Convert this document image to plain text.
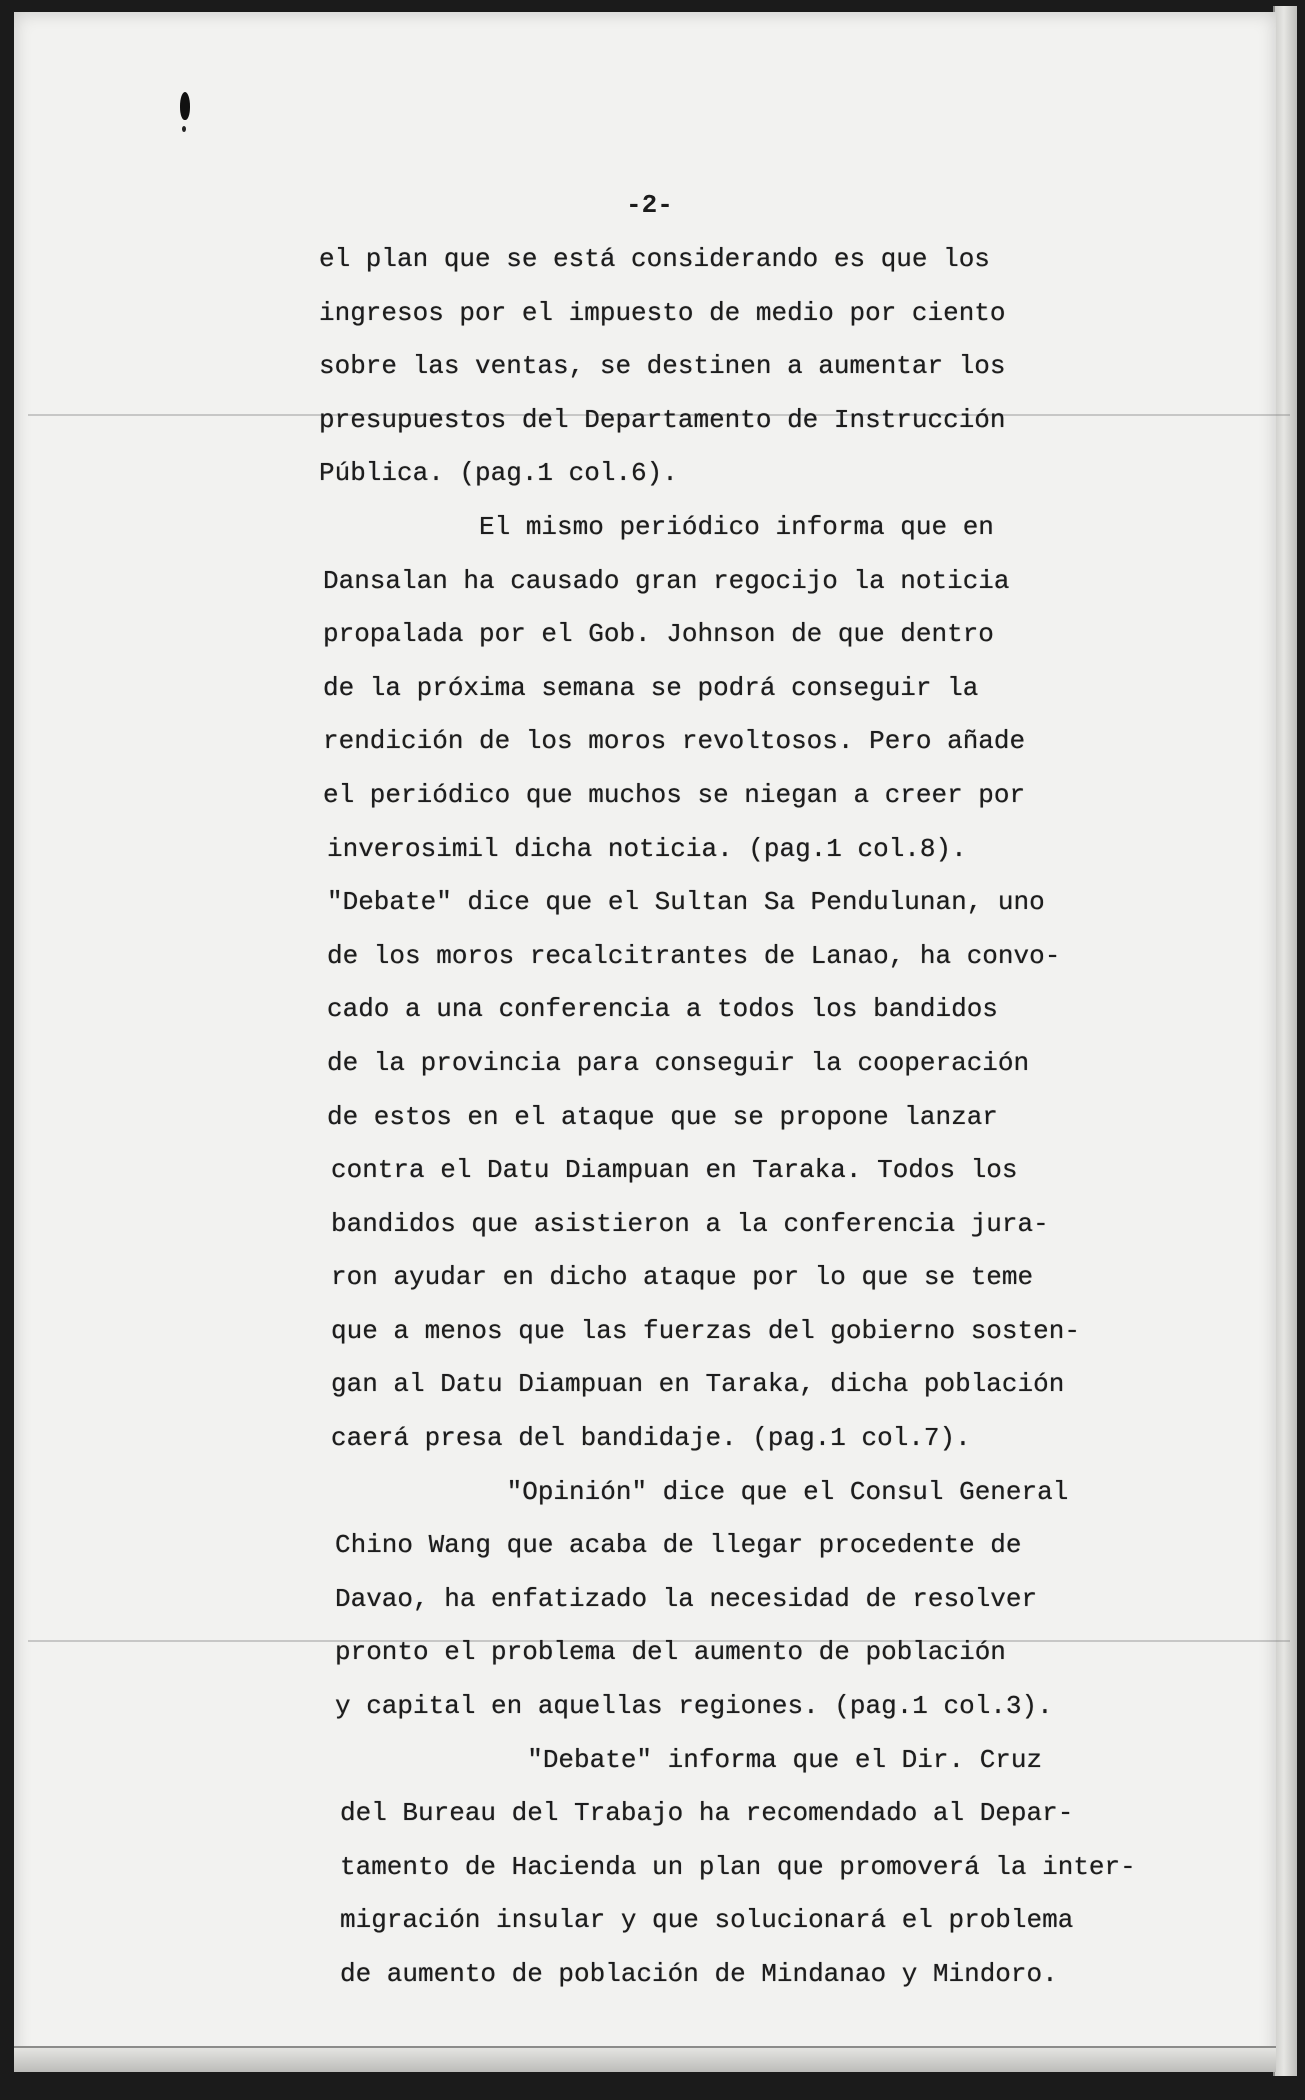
-2-
el plan que se está considerando es que los
ingresos por el impuesto de medio por ciento
sobre las ventas, se destinen a aumentar los
presupuestos del Departamento de Instrucción
Pública. (pag.1 col.6).
El mismo periódico informa que en
Dansalan ha causado gran regocijo la noticia
propalada por el Gob. Johnson de que dentro
de la próxima semana se podrá conseguir la
rendición de los moros revoltosos. Pero añade
el periódico que muchos se niegan a creer por
inverosimil dicha noticia. (pag.1 col.8).
"Debate" dice que el Sultan Sa Pendulunan, uno
de los moros recalcitrantes de Lanao, ha convo-
cado a una conferencia a todos los bandidos
de la provincia para conseguir la cooperación
de estos en el ataque que se propone lanzar
contra el Datu Diampuan en Taraka. Todos los
bandidos que asistieron a la conferencia jura-
ron ayudar en dicho ataque por lo que se teme
que a menos que las fuerzas del gobierno sosten-
gan al Datu Diampuan en Taraka, dicha población
caerá presa del bandidaje. (pag.1 col.7).
"Opinión" dice que el Consul General
Chino Wang que acaba de llegar procedente de
Davao, ha enfatizado la necesidad de resolver
pronto el problema del aumento de población
y capital en aquellas regiones. (pag.1 col.3).
"Debate" informa que el Dir. Cruz
del Bureau del Trabajo ha recomendado al Depar-
tamento de Hacienda un plan que promoverá la inter-
migración insular y que solucionará el problema
de aumento de población de Mindanao y Mindoro.
